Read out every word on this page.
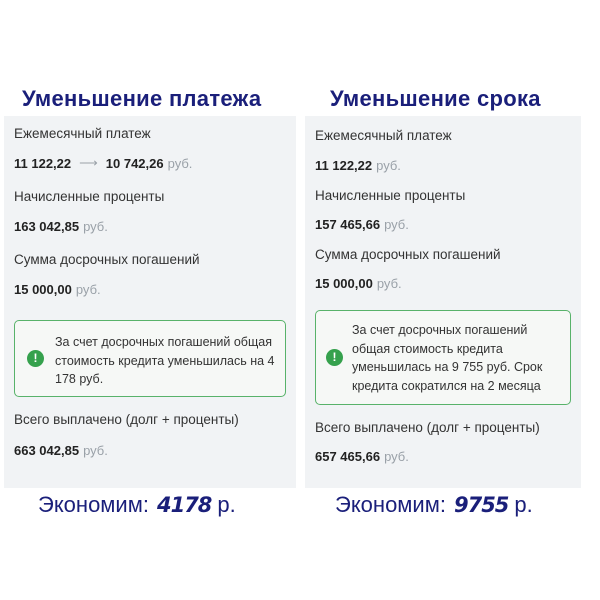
Уменьшение платежа
Ежемесячный платеж
11 122,22 ⟶ 10 742,26 руб.
Начисленные проценты
163 042,85 руб.
Сумма досрочных погашений
15 000,00 руб.
!
За счет досрочных погашений общая
стоимость кредита уменьшилась на 4
178 руб.
Всего выплачено (долг + проценты)
663 042,85 руб.
Экономим: 4178 р.
Уменьшение срока
Ежемесячный платеж
11 122,22 руб.
Начисленные проценты
157 465,66 руб.
Сумма досрочных погашений
15 000,00 руб.
!
За счет досрочных погашений
общая стоимость кредита
уменьшилась на 9 755 руб. Срок
кредита сократился на 2 месяца
Всего выплачено (долг + проценты)
657 465,66 руб.
Экономим: 9755 р.
